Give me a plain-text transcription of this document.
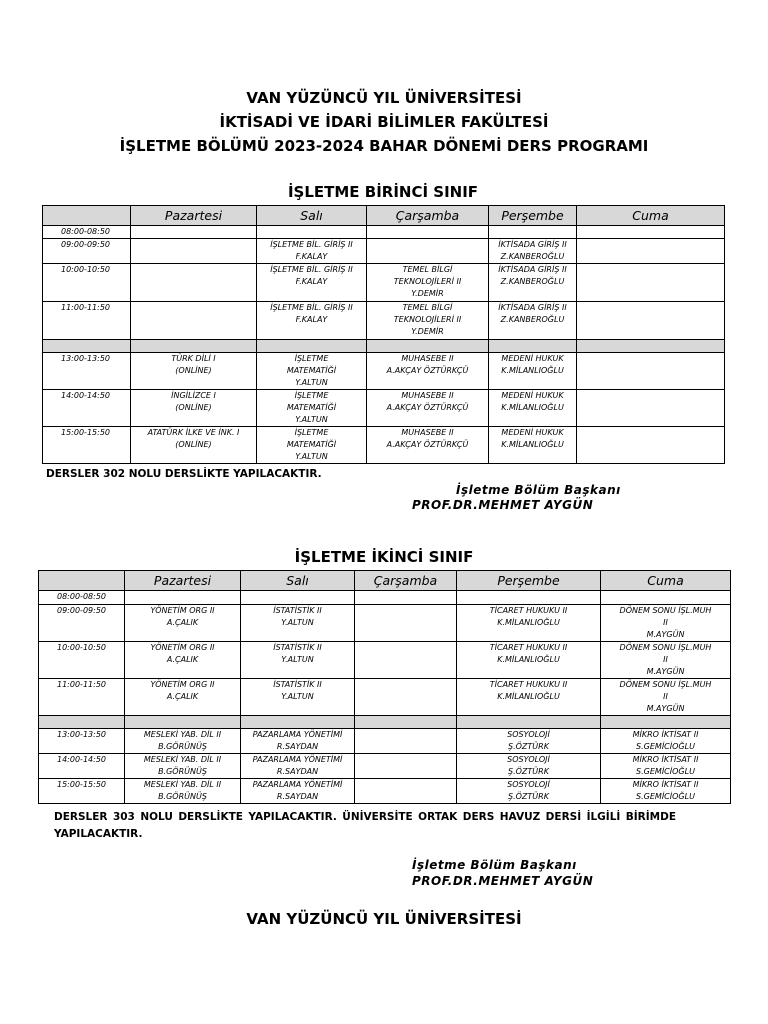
VAN YÜZÜNCÜ YIL ÜNİVERSİTESİ
İKTİSADİ VE İDARİ BİLİMLER FAKÜLTESİ
İŞLETME BÖLÜMÜ 2023-2024 BAHAR DÖNEMİ DERS PROGRAMI
İŞLETME BİRİNCİ SINIF
	Pazartesi	Salı	Çarşamba	Perşembe	Cuma
08:00-08:50					
09:00-09:50		İŞLETME BİL. GİRİŞ II
F.KALAY		İKTİSADA GİRİŞ II
Z.KANBEROĞLU	

10:00-10:50		İŞLETME BİL. GİRİŞ II
F.KALAY	TEMEL BİLGİ
TEKNOLOJİLERİ II
Y.DEMİR	İKTİSADA GİRİŞ II
Z.KANBEROĞLU	

11:00-11:50		İŞLETME BİL. GİRİŞ II
F.KALAY	TEMEL BİLGİ
TEKNOLOJİLERİ II
Y.DEMİR	İKTİSADA GİRİŞ II
Z.KANBEROĞLU	

13:00-13:50	TÜRK DİLİ I
(ONLİNE)	İŞLETME
MATEMATİĞİ
Y.ALTUN	MUHASEBE II
A.AKÇAY ÖZTÜRKÇÜ	MEDENİ HUKUK
K.MİLANLIOĞLU	

14:00-14:50	İNGİLİZCE I
(ONLİNE)	İŞLETME
MATEMATİĞİ
Y.ALTUN	MUHASEBE II
A.AKÇAY ÖZTÜRKÇÜ	MEDENİ HUKUK
K.MİLANLIOĞLU	

15:00-15:50	ATATÜRK İLKE VE İNK. I
(ONLİNE)	İŞLETME
MATEMATİĞİ
Y.ALTUN	MUHASEBE II
A.AKÇAY ÖZTÜRKÇÜ	MEDENİ HUKUK
K.MİLANLIOĞLU	

DERSLER 302 NOLU DERSLİKTE YAPILACAKTIR.
İşletme Bölüm Başkanı
PROF.DR.MEHMET AYGÜN
İŞLETME İKİNCİ SINIF
	Pazartesi	Salı	Çarşamba	Perşembe	Cuma
08:00-08:50					
09:00-09:50	YÖNETİM ORG II
A.ÇALIK	İSTATİSTİK II
Y.ALTUN		TİCARET HUKUKU II
K.MİLANLIOĞLU	DÖNEM SONU İŞL.MUH
II
M.AYGÜN

10:00-10:50	YÖNETİM ORG II
A.ÇALIK	İSTATİSTİK II
Y.ALTUN		TİCARET HUKUKU II
K.MİLANLIOĞLU	DÖNEM SONU İŞL.MUH
II
M.AYGÜN

11:00-11:50	YÖNETİM ORG II
A.ÇALIK	İSTATİSTİK II
Y.ALTUN		TİCARET HUKUKU II
K.MİLANLIOĞLU	DÖNEM SONU İŞL.MUH
II
M.AYGÜN

13:00-13:50	MESLEKİ YAB. DİL II
B.GÖRÜNÜŞ	PAZARLAMA YÖNETİMİ
R.SAYDAN		SOSYOLOJİ
Ş.ÖZTÜRK	MİKRO İKTİSAT II
S.GEMİCİOĞLU

14:00-14:50	MESLEKİ YAB. DİL II
B.GÖRÜNÜŞ	PAZARLAMA YÖNETİMİ
R.SAYDAN		SOSYOLOJİ
Ş.ÖZTÜRK	MİKRO İKTİSAT II
S.GEMİCİOĞLU

15:00-15:50	MESLEKİ YAB. DİL II
B.GÖRÜNÜŞ	PAZARLAMA YÖNETİMİ
R.SAYDAN		SOSYOLOJİ
Ş.ÖZTÜRK	MİKRO İKTİSAT II
S.GEMİCİOĞLU
DERSLER 303 NOLU DERSLİKTE YAPILACAKTIR. ÜNİVERSİTE ORTAK DERS HAVUZ DERSİ İLGİLİ BİRİMDE
YAPILACAKTIR.
İşletme Bölüm Başkanı
PROF.DR.MEHMET AYGÜN
VAN YÜZÜNCÜ YIL ÜNİVERSİTESİ
